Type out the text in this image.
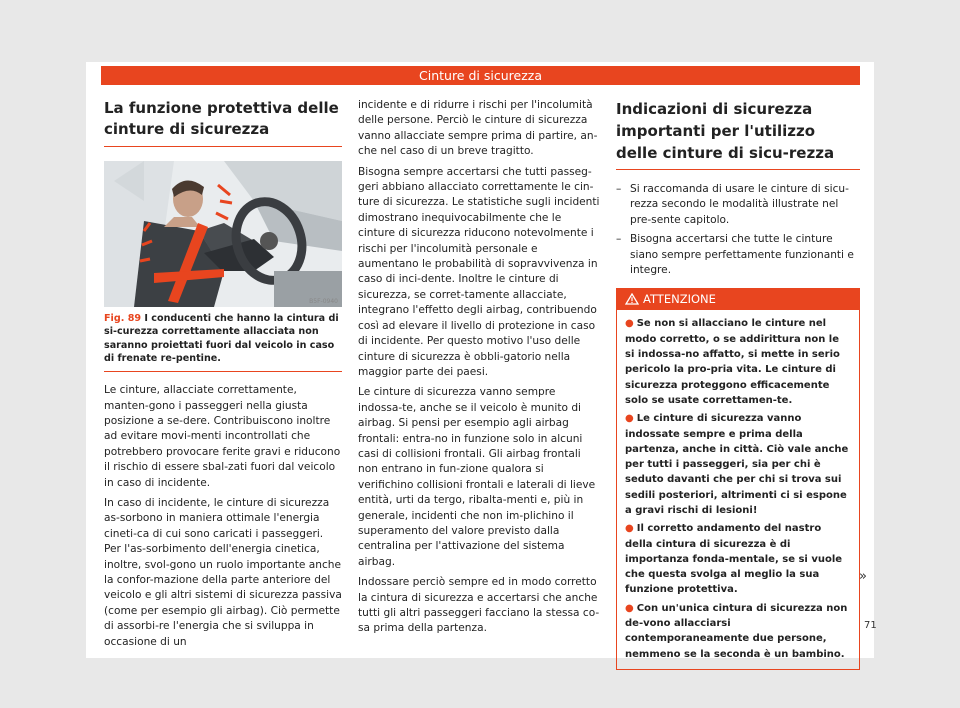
Cinture di sicurezza
La funzione protettiva delle cinture di sicurezza
B5F-0940
Fig. 89 I conducenti che hanno la cintura di si-curezza correttamente allacciata non saranno proiettati fuori dal veicolo in caso di frenate re-pentine.

Le cinture, allacciate correttamente, manten-gono i passeggeri nella giusta posizione a se-dere. Contribuiscono inoltre ad evitare movi-menti incontrollati che potrebbero provocare ferite gravi e riducono il rischio di essere sbal-zati fuori dal veicolo in caso di incidente.

In caso di incidente, le cinture di sicurezza as-sorbono in maniera ottimale l'energia cineti-ca di cui sono caricati i passeggeri. Per l'as-sorbimento dell'energia cinetica, inoltre, svol-gono un ruolo importante anche la confor-mazione della parte anteriore del veicolo e gli altri sistemi di sicurezza passiva (come per esempio gli airbag). Ciò permette di assorbi-re l'energia che si sviluppa in occasione di un

incidente e di ridurre i rischi per l'incolumità delle persone. Perciò le cinture di sicurezza vanno allacciate sempre prima di partire, an-che nel caso di un breve tragitto.

Bisogna sempre accertarsi che tutti passeg-geri abbiano allacciato correttamente le cin-ture di sicurezza. Le statistiche sugli incidenti dimostrano inequivocabilmente che le cinture di sicurezza riducono notevolmente i rischi per l'incolumità personale e aumentano le probabilità di sopravvivenza in caso di inci-dente. Inoltre le cinture di sicurezza, se corret-tamente allacciate, integrano l'effetto degli airbag, contribuendo così ad elevare il livello di protezione in caso di incidente. Per questo motivo l'uso delle cinture di sicurezza è obbli-gatorio nella maggior parte dei paesi.

Le cinture di sicurezza vanno sempre indossa-te, anche se il veicolo è munito di airbag. Si pensi per esempio agli airbag frontali: entra-no in funzione solo in alcuni casi di collisioni frontali. Gli airbag frontali non entrano in fun-zione qualora si verifichino collisioni frontali e laterali di lieve entità, urti da tergo, ribalta-menti e, più in generale, incidenti che non im-plichino il superamento del valore previsto dalla centralina per l'attivazione del sistema airbag.

Indossare perciò sempre ed in modo corretto la cintura di sicurezza e accertarsi che anche tutti gli altri passeggeri facciano la stessa co-sa prima della partenza.

Indicazioni di sicurezza importanti per l'utilizzo delle cinture di sicu-rezza
– Si raccomanda di usare le cinture di sicu-rezza secondo le modalità illustrate nel pre-sente capitolo.
– Bisogna accertarsi che tutte le cinture siano sempre perfettamente funzionanti e integre.
ATTENZIONE
● Se non si allacciano le cinture nel modo corretto, o se addirittura non le si indossa-no affatto, si mette in serio pericolo la pro-pria vita. Le cinture di sicurezza proteggono efficacemente solo se usate correttamen-te.
● Le cinture di sicurezza vanno indossate sempre e prima della partenza, anche in città. Ciò vale anche per tutti i passeggeri, sia per chi è seduto davanti che per chi si trova sui sedili posteriori, altrimenti ci si espone a gravi rischi di lesioni!
● Il corretto andamento del nastro della cintura di sicurezza è di importanza fonda-mentale, se si vuole che questa svolga al meglio la sua funzione protettiva.
● Con un'unica cintura di sicurezza non de-vono allacciarsi contemporaneamente due persone, nemmeno se la seconda è un bambino.
»
71
